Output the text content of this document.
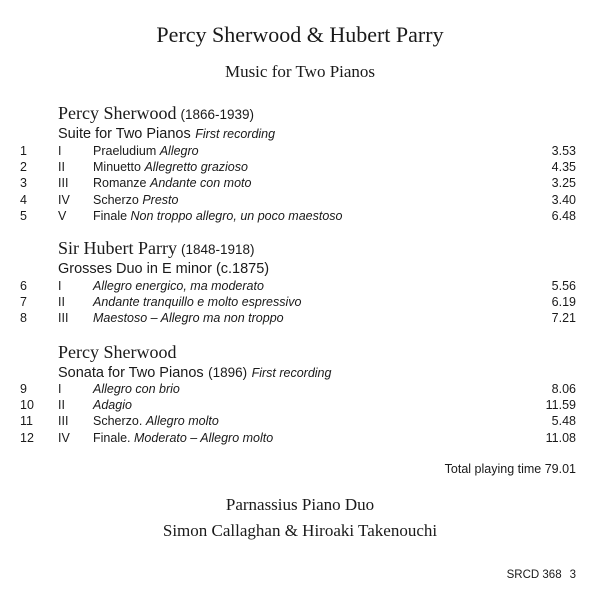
Percy Sherwood & Hubert Parry
Music for Two Pianos
Percy Sherwood (1866-1939)
Suite for Two Pianos First recording
1 I	Praeludium Allegro	3.53
2 II Minuetto Allegretto grazioso	4.35
3 III Romanze Andante con moto	3.25
4 IV Scherzo Presto	3.40
5 V Finale Non troppo allegro, un poco maestoso	6.48
Sir Hubert Parry (1848-1918)
Grosses Duo in E minor (c.1875)
6 I	Allegro energico, ma moderato	5.56
7 II Andante tranquillo e molto espressivo	6.19
8 III Maestoso – Allegro ma non troppo	7.21
Percy Sherwood
Sonata for Two Pianos (1896) First recording
9 I	Allegro con brio	8.06
10 II Adagio	11.59
11 III Scherzo. Allegro molto	5.48
12 IV Finale. Moderato – Allegro molto	11.08
Total playing time 79.01
Parnassius Piano Duo
Simon Callaghan & Hiroaki Takenouchi
SRCD 368 3
